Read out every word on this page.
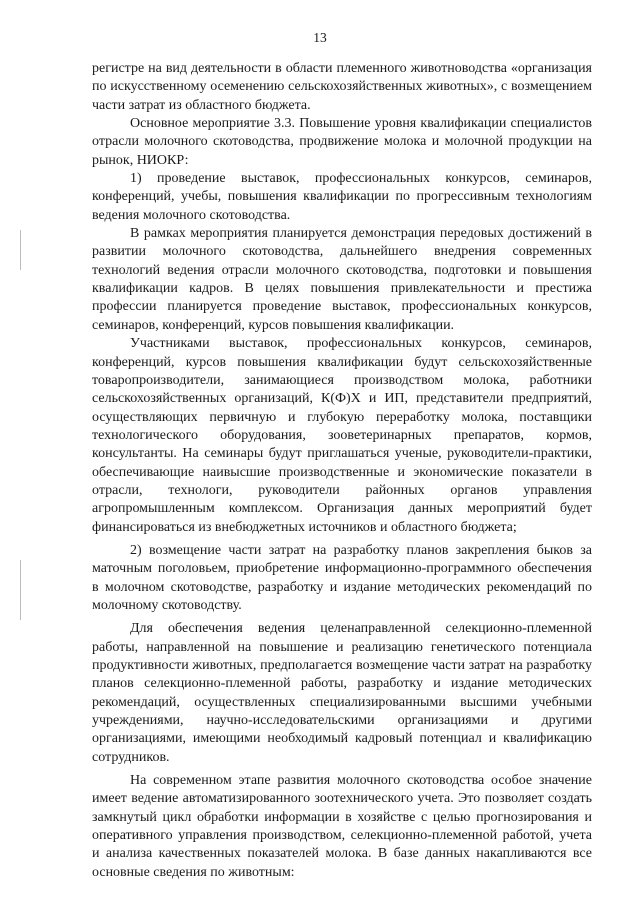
13

регистре на вид деятельности в области племенного животноводства «организация по искусственному осеменению сельскохозяйственных животных», с возмещением части затрат из областного бюджета.

Основное мероприятие 3.3. Повышение уровня квалификации специалистов отрасли молочного скотоводства, продвижение молока и молочной продукции на рынок, НИОКР:

1) проведение выставок, профессиональных конкурсов, семинаров, конференций, учебы, повышения квалификации по прогрессивным технологиям ведения молочного скотоводства.

В рамках мероприятия планируется демонстрация передовых достижений в развитии молочного скотоводства, дальнейшего внедрения современных технологий ведения отрасли молочного скотоводства, подготовки и повышения квалификации кадров. В целях повышения привлекательности и престижа профессии планируется проведение выставок, профессиональных конкурсов, семинаров, конференций, курсов повышения квалификации.

Участниками выставок, профессиональных конкурсов, семинаров, конференций, курсов повышения квалификации будут сельскохозяйственные товаропроизводители, занимающиеся производством молока, работники сельскохозяйственных организаций, К(Ф)Х и ИП, представители предприятий, осуществляющих первичную и глубокую переработку молока, поставщики технологического оборудования, зооветеринарных препаратов, кормов, консультанты. На семинары будут приглашаться ученые, руководители-практики, обеспечивающие наивысшие производственные и экономические показатели в отрасли, технологи, руководители районных органов управления агропромышленным комплексом. Организация данных мероприятий будет финансироваться из внебюджетных источников и областного бюджета;

2) возмещение части затрат на разработку планов закрепления быков за маточным поголовьем, приобретение информационно-программного обеспечения в молочном скотоводстве, разработку и издание методических рекомендаций по молочному скотоводству.

Для обеспечения ведения целенаправленной селекционно-племенной работы, направленной на повышение и реализацию генетического потенциала продуктивности животных, предполагается возмещение части затрат на разработку планов селекционно-племенной работы, разработку и издание методических рекомендаций, осуществленных специализированными высшими учебными учреждениями, научно-исследовательскими организациями и другими организациями, имеющими необходимый кадровый потенциал и квалификацию сотрудников.

На современном этапе развития молочного скотоводства особое значение имеет ведение автоматизированного зоотехнического учета. Это позволяет создать замкнутый цикл обработки информации в хозяйстве с целью прогнозирования и оперативного управления производством, селекционно-племенной работой, учета и анализа качественных показателей молока. В базе данных накапливаются все основные сведения по животным:
